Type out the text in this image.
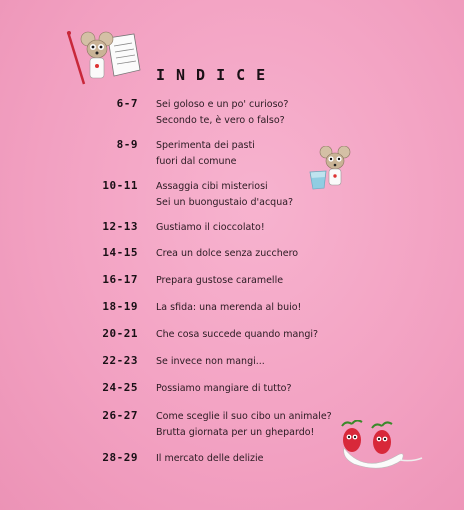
INDICE
6-7 Sei goloso e un po' curioso?
Secondo te, è vero o falso?
8-9 Sperimenta dei pasti
fuori dal comune
10-11 Assaggia cibi misteriosi
Sei un buongustaio d'acqua?
12-13 Gustiamo il cioccolato!
14-15 Crea un dolce senza zucchero
16-17 Prepara gustose caramelle
18-19 La sfida: una merenda al buio!
20-21 Che cosa succede quando mangi?
22-23 Se invece non mangi...
24-25 Possiamo mangiare di tutto?
26-27 Come sceglie il suo cibo un animale?
Brutta giornata per un ghepardo!
28-29 Il mercato delle delizie
